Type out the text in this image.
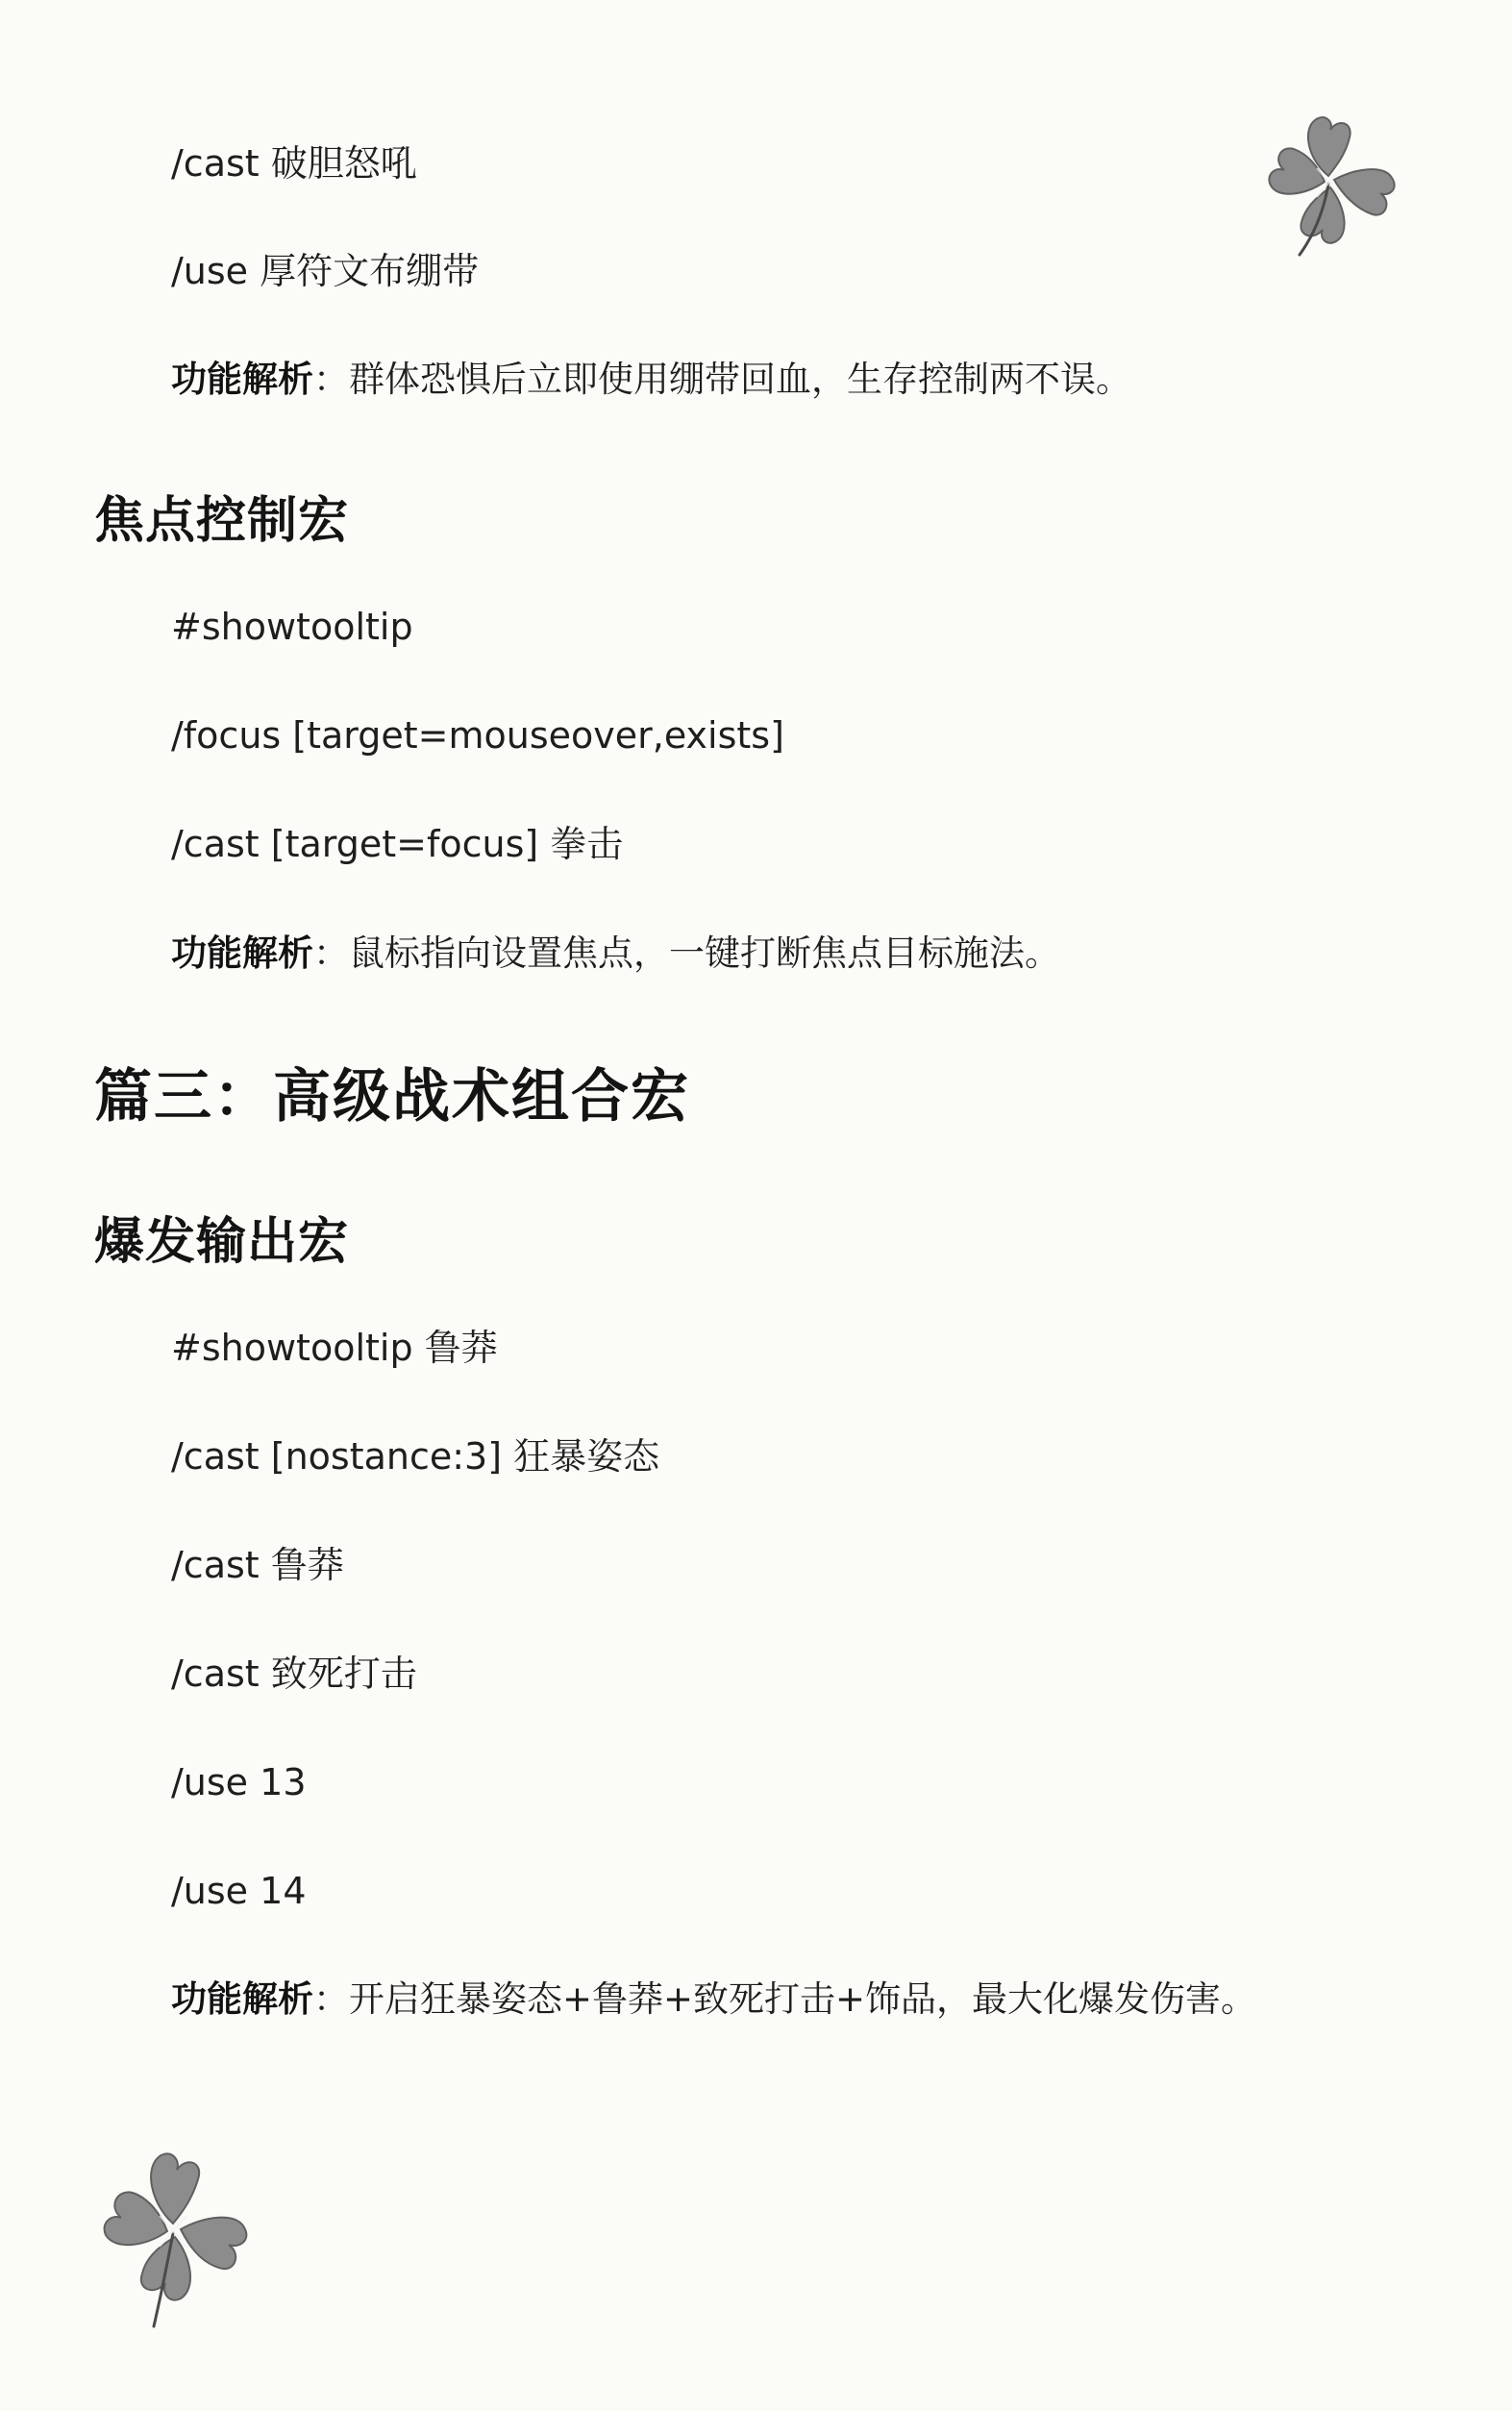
/cast 破胆怒吼
/use 厚符文布绷带
功能解析：群体恐惧后立即使用绷带回血，生存控制两不误。
焦点控制宏
#showtooltip
/focus [target=mouseover,exists]
/cast [target=focus] 拳击
功能解析：鼠标指向设置焦点，一键打断焦点目标施法。
篇三：高级战术组合宏
爆发输出宏
#showtooltip 鲁莽
/cast [nostance:3] 狂暴姿态
/cast 鲁莽
/cast 致死打击
/use 13
/use 14
功能解析：开启狂暴姿态+鲁莽+致死打击+饰品，最大化爆发伤害。
